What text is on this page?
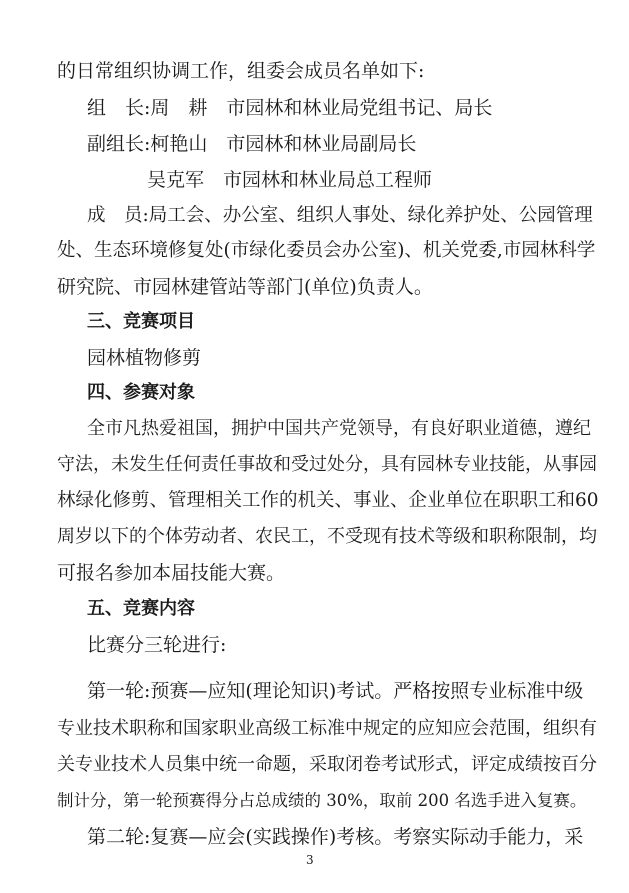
的日常组织协调工作，组委会成员名单如下:
组　长:周　耕　市园林和林业局党组书记、局长
副组长:柯艳山　市园林和林业局副局长
吴克军　市园林和林业局总工程师
成　员:局工会、办公室、组织人事处、绿化养护处、公园管理
处、生态环境修复处(市绿化委员会办公室)、机关党委,市园林科学
研究院、市园林建管站等部门(单位)负责人。
三、竞赛项目
园林植物修剪
四、参赛对象
全市凡热爱祖国，拥护中国共产党领导，有良好职业道德，遵纪
守法，未发生任何责任事故和受过处分，具有园林专业技能，从事园
林绿化修剪、管理相关工作的机关、事业、企业单位在职职工和60
周岁以下的个体劳动者、农民工，不受现有技术等级和职称限制，均
可报名参加本届技能大赛。
五、竞赛内容
比赛分三轮进行:
第一轮:预赛—应知(理论知识)考试。严格按照专业标准中级
专业技术职称和国家职业高级工标准中规定的应知应会范围，组织有
关专业技术人员集中统一命题，采取闭卷考试形式，评定成绩按百分
制计分，第一轮预赛得分占总成绩的 30%，取前 200 名选手进入复赛。
第二轮:复赛—应会(实践操作)考核。考察实际动手能力，采
3
